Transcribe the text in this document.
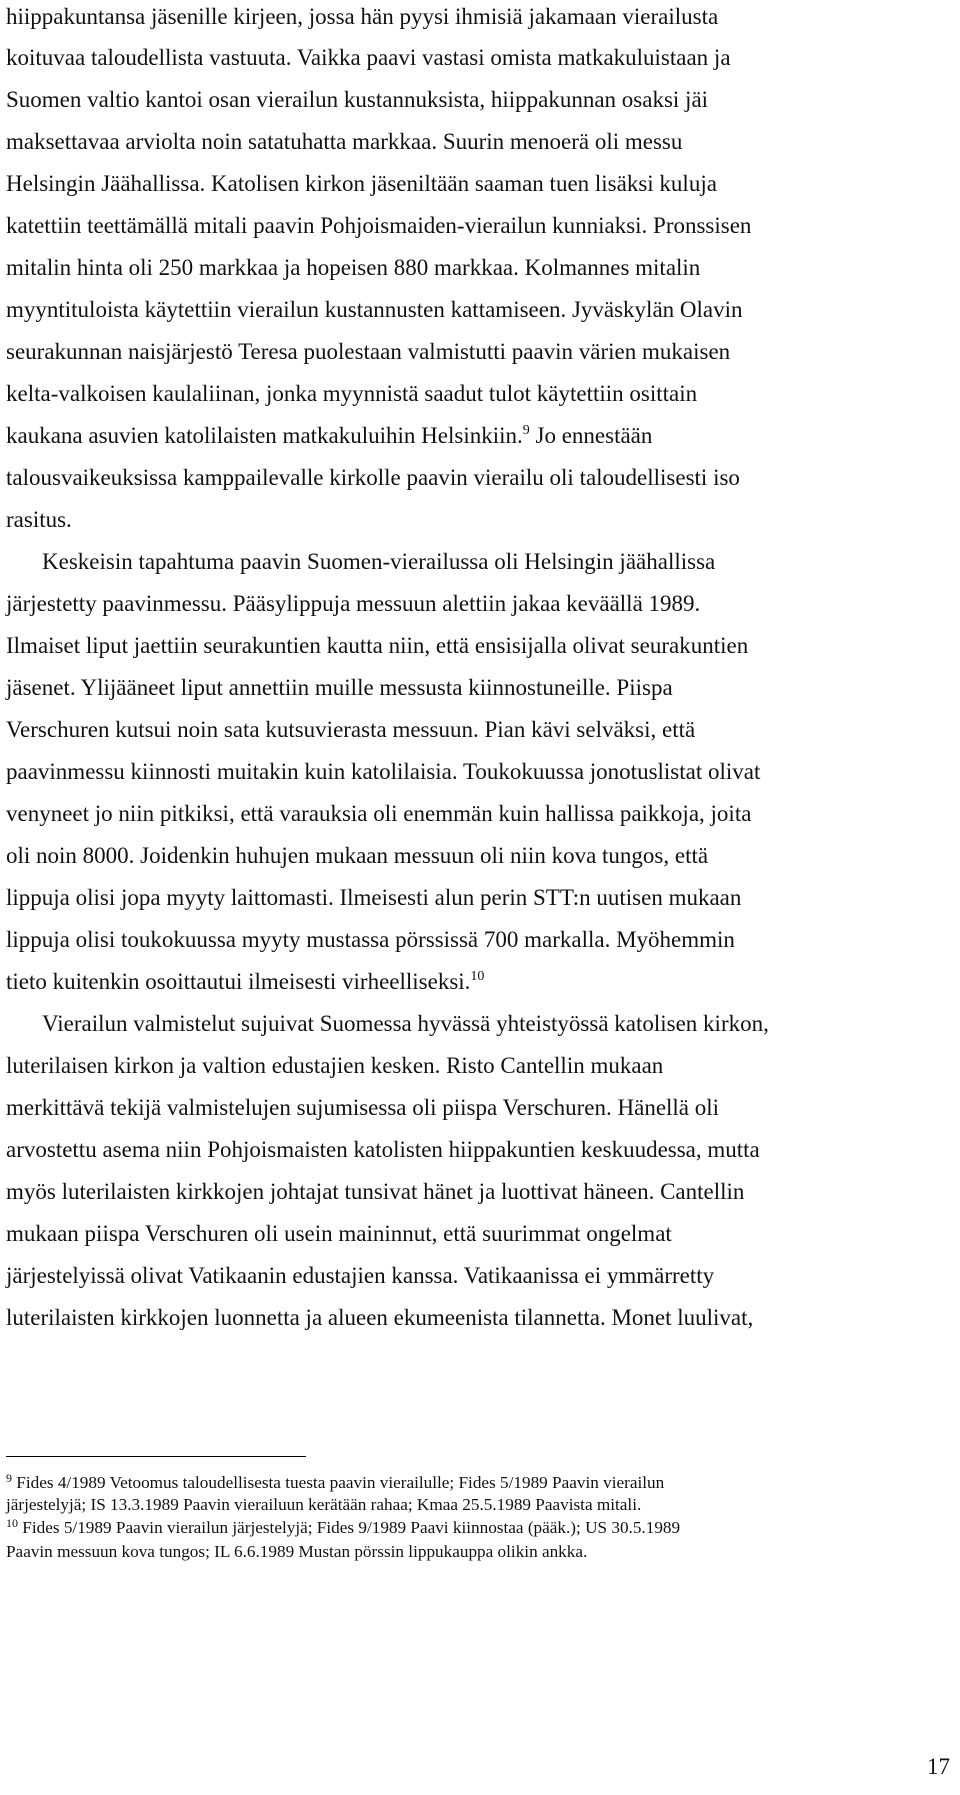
hiippakuntansa jäsenille kirjeen, jossa hän pyysi ihmisiä jakamaan vierailusta
koituvaa taloudellista vastuuta. Vaikka paavi vastasi omista matkakuluistaan ja
Suomen valtio kantoi osan vierailun kustannuksista, hiippakunnan osaksi jäi
maksettavaa arviolta noin satatuhatta markkaa. Suurin menoerä oli messu
Helsingin Jäähallissa. Katolisen kirkon jäseniltään saaman tuen lisäksi kuluja
katettiin teettämällä mitali paavin Pohjoismaiden-vierailun kunniaksi. Pronssisen
mitalin hinta oli 250 markkaa ja hopeisen 880 markkaa. Kolmannes mitalin
myyntituloista käytettiin vierailun kustannusten kattamiseen. Jyväskylän Olavin
seurakunnan naisjärjestö Teresa puolestaan valmistutti paavin värien mukaisen
kelta-valkoisen kaulaliinan, jonka myynnistä saadut tulot käytettiin osittain
kaukana asuvien katolilaisten matkakuluihin Helsinkiin.$^9$ Jo ennestään
talousvaikeuksissa kamppailevalle kirkolle paavin vierailu oli taloudellisesti iso
rasitus.
Keskeisin tapahtuma paavin Suomen-vierailussa oli Helsingin jäähallissa
järjestetty paavinmessu. Pääsylippuja messuun alettiin jakaa keväällä 1989.
Ilmaiset liput jaettiin seurakuntien kautta niin, että ensisijalla olivat seurakuntien
jäsenet. Ylijääneet liput annettiin muille messusta kiinnostuneille. Piispa
Verschuren kutsui noin sata kutsuvierasta messuun. Pian kävi selväksi, että
paavinmessu kiinnosti muitakin kuin katolilaisia. Toukokuussa jonotuslistat olivat
venyneet jo niin pitkiksi, että varauksia oli enemmän kuin hallissa paikkoja, joita
oli noin 8000. Joidenkin huhujen mukaan messuun oli niin kova tungos, että
lippuja olisi jopa myyty laittomasti. Ilmeisesti alun perin STT:n uutisen mukaan
lippuja olisi toukokuussa myyty mustassa pörssissä 700 markalla. Myöhemmin
tieto kuitenkin osoittautui ilmeisesti virheelliseksi.$^{10}$
Vierailun valmistelut sujuivat Suomessa hyvässä yhteistyössä katolisen kirkon,
luterilaisen kirkon ja valtion edustajien kesken. Risto Cantellin mukaan
merkittävä tekijä valmistelujen sujumisessa oli piispa Verschuren. Hänellä oli
arvostettu asema niin Pohjoismaisten katolisten hiippakuntien keskuudessa, mutta
myös luterilaisten kirkkojen johtajat tunsivat hänet ja luottivat häneen. Cantellin
mukaan piispa Verschuren oli usein maininnut, että suurimmat ongelmat
järjestelyissä olivat Vatikaanin edustajien kanssa. Vatikaanissa ei ymmärretty
luterilaisten kirkkojen luonnetta ja alueen ekumeenista tilannetta. Monet luulivat,
$^9$ Fides 4/1989 Vetoomus taloudellisesta tuesta paavin vierailulle; Fides 5/1989 Paavin vierailun
järjestelyjä; IS 13.3.1989 Paavin vierailuun kerätään rahaa; Kmaa 25.5.1989 Paavista mitali.
$^{10}$ Fides 5/1989 Paavin vierailun järjestelyjä; Fides 9/1989 Paavi kiinnostaa (pääk.); US 30.5.1989
Paavin messuun kova tungos; IL 6.6.1989 Mustan pörssin lippukauppa olikin ankka.
17
